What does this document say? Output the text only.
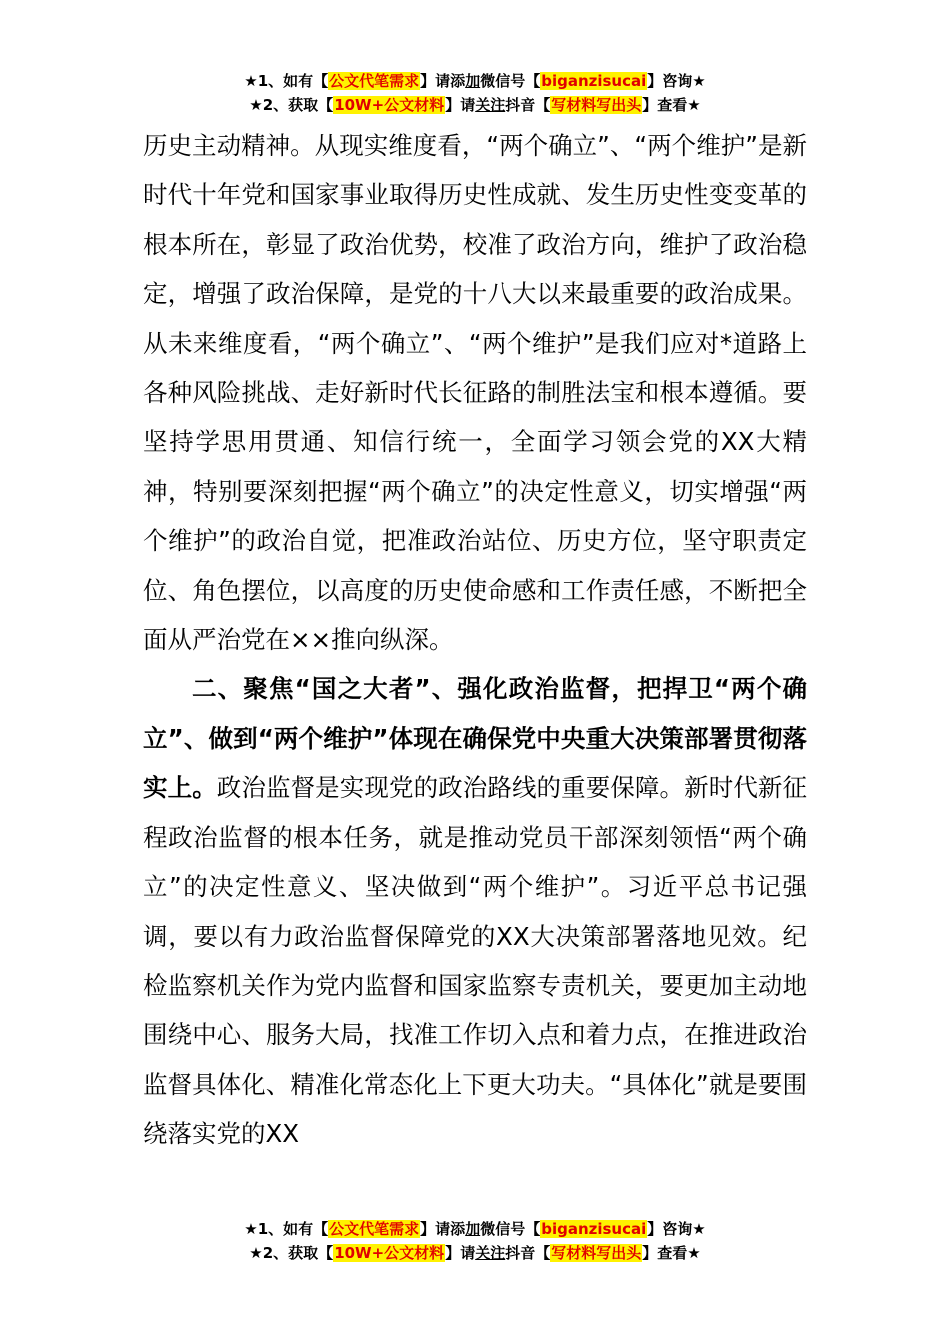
★1、如有【公文代笔需求】请添加微信号【biganzisucai】咨询★
★2、获取【10W+公文材料】请关注抖音【写材料写出头】查看★

历史主动精神。从现实维度看，“两个确立”、“两个维护”是新时代十年党和国家事业取得历史性成就、发生历史性变变革的根本所在，彰显了政治优势，校准了政治方向，维护了政治稳定，增强了政治保障，是党的十八大以来最重要的政治成果。从未来维度看，“两个确立”、“两个维护”是我们应对*道路上各种风险挑战、走好新时代长征路的制胜法宝和根本遵循。要坚持学思用贯通、知信行统一，全面学习领会党的XX大精神，特别要深刻把握“两个确立”的决定性意义，切实增强“两个维护”的政治自觉，把准政治站位、历史方位，坚守职责定位、角色摆位，以高度的历史使命感和工作责任感，不断把全面从严治党在××推向纵深。

二、聚焦“国之大者”、强化政治监督，把捍卫“两个确立”、做到“两个维护”体现在确保党中央重大决策部署贯彻落实上。政治监督是实现党的政治路线的重要保障。新时代新征程政治监督的根本任务，就是推动党员干部深刻领悟“两个确立”的决定性意义、坚决做到“两个维护”。习近平总书记强调，要以有力政治监督保障党的XX大决策部署落地见效。纪检监察机关作为党内监督和国家监察专责机关，要更加主动地围绕中心、服务大局，找准工作切入点和着力点，在推进政治监督具体化、精准化常态化上下更大功夫。“具体化”就是要围绕落实党的XX

★1、如有【公文代笔需求】请添加微信号【biganzisucai】咨询★
★2、获取【10W+公文材料】请关注抖音【写材料写出头】查看★
